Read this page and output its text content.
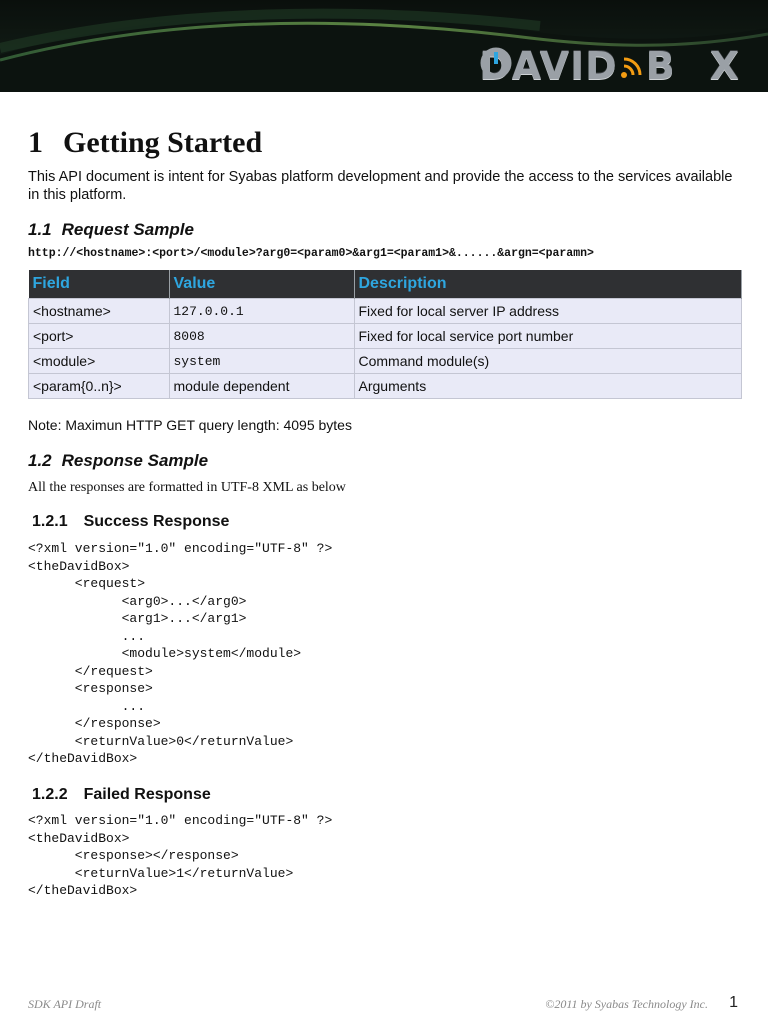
DAVID B X
1 Getting Started
This API document is intent for Syabas platform development and provide the access to the services available in this platform.
1.1 Request Sample
http://<hostname>:<port>/<module>?arg0=<param0>&arg1=<param1>&......&argn=<paramn>
Field	Value	Description
<hostname>	127.0.0.1	Fixed for local server IP address
<port>	8008	Fixed for local service port number
<module>	system	Command module(s)
<param{0..n}>	module dependent	Arguments
Note: Maximun HTTP GET query length: 4095 bytes
1.2 Response Sample
All the responses are formatted in UTF-8 XML as below
1.2.1 Success Response
<?xml version="1.0" encoding="UTF-8" ?>
<theDavidBox>
<request>
<arg0>...</arg0>
<arg1>...</arg1>
...
<module>system</module>
</request>
<response>
...
</response>
<returnValue>0</returnValue>
</theDavidBox>
1.2.2 Failed Response
<?xml version="1.0" encoding="UTF-8" ?>
<theDavidBox>
<response></response>
<returnValue>1</returnValue>
</theDavidBox>
SDK API Draft	©2011 by Syabas Technology Inc. 1
